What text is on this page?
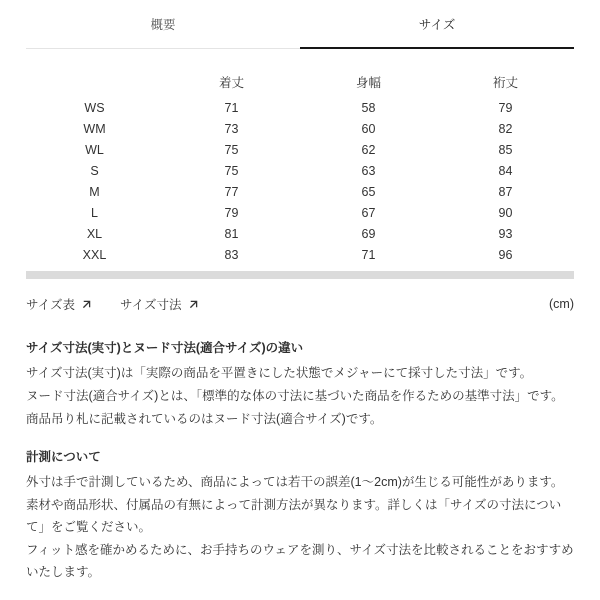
概要	サイズ
	着丈	身幅	裄丈
WS	71	58	79
WM	73	60	82
WL	75	62	85
S	75	63	84
M	77	65	87
L	79	67	90
XL	81	69	93
XXL	83	71	96
サイズ表	サイズ寸法	(cm)
サイズ寸法(実寸)とヌード寸法(適合サイズ)の違い

サイズ寸法(実寸)は「実際の商品を平置きにした状態でメジャーにて採寸した寸法」です。

ヌード寸法(適合サイズ)とは、「標準的な体の寸法に基づいた商品を作るための基準寸法」です。

商品吊り札に記載されているのはヌード寸法(適合サイズ)です。

計測について

外寸は手で計測しているため、商品によっては若干の誤差(1〜2cm)が生じる可能性があります。

素材や商品形状、付属品の有無によって計測方法が異なります。詳しくは「サイズの寸法について」をご覧ください。

フィット感を確かめるために、お手持ちのウェアを測り、サイズ寸法を比較されることをおすすめいたします。
